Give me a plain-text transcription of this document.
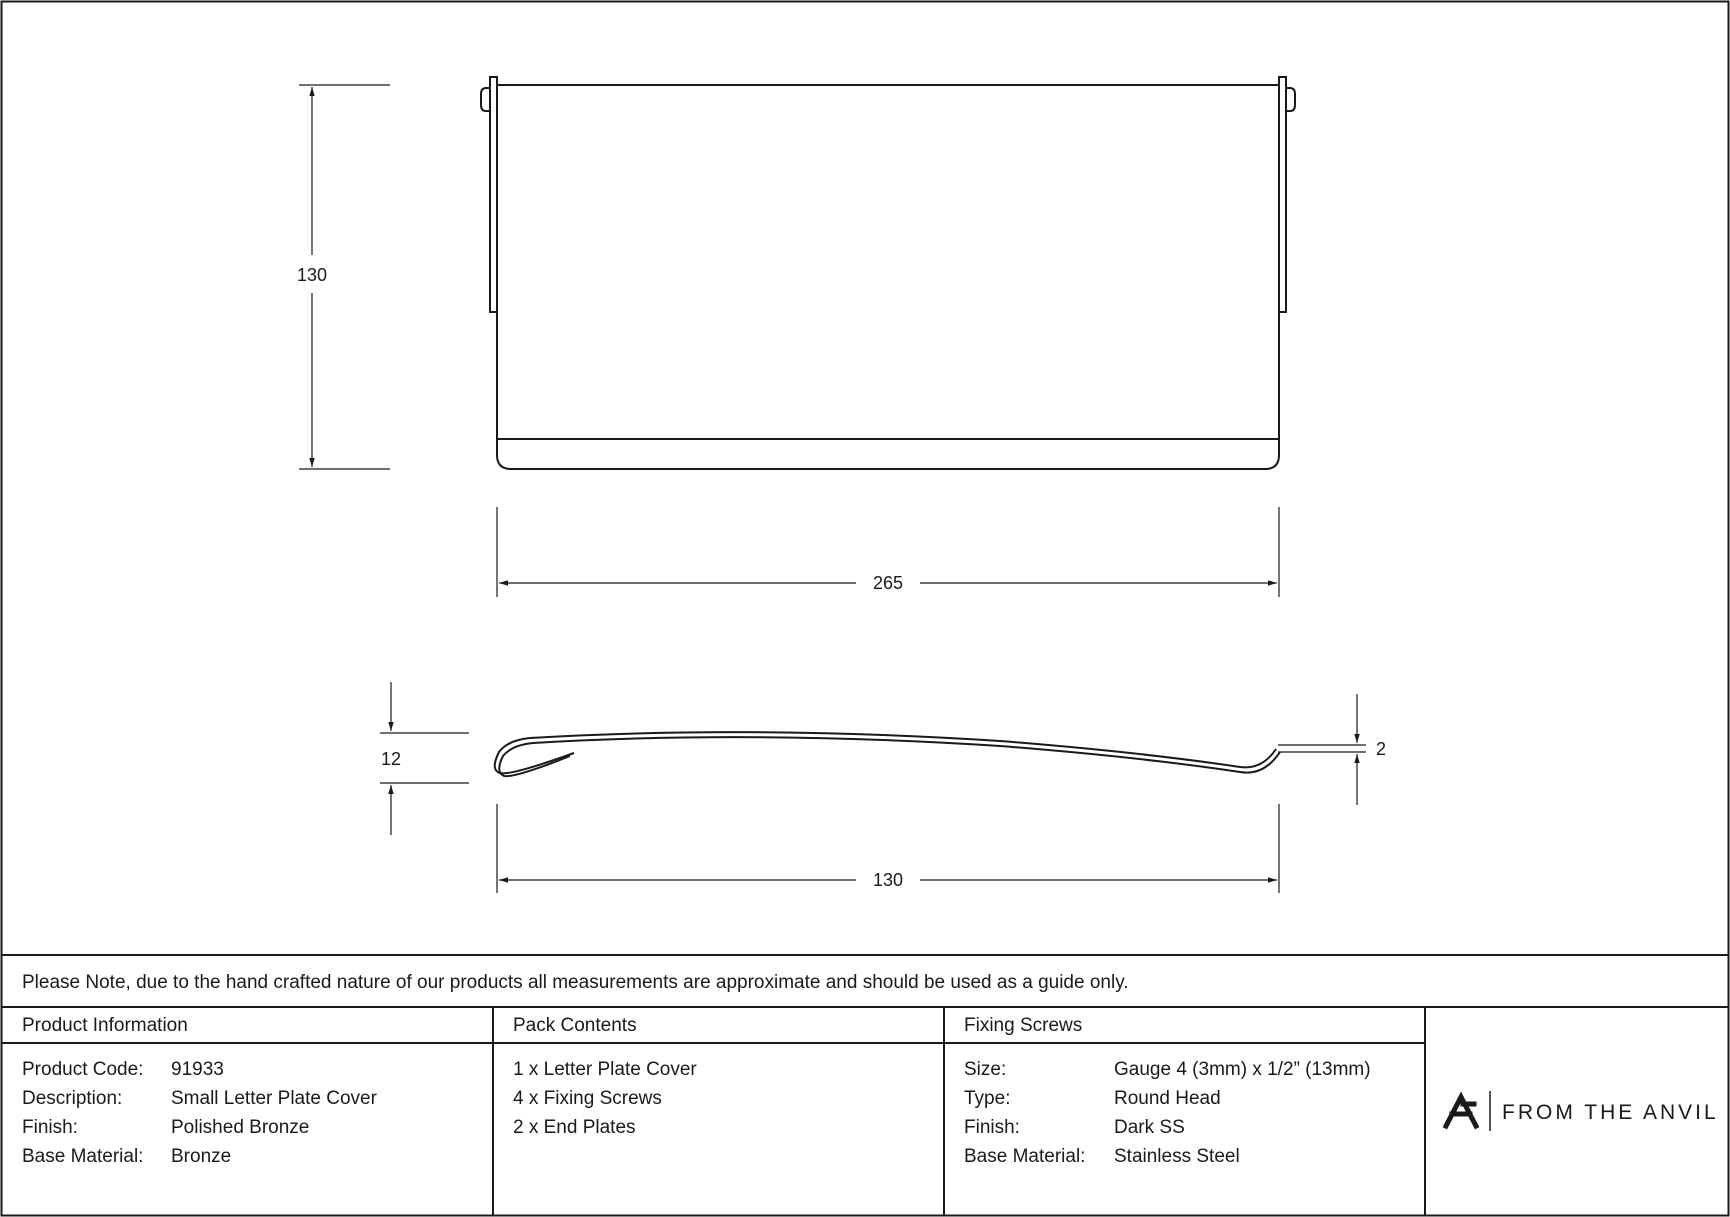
130
265
12	2
130
Please Note, due to the hand crafted nature of our products all measurements are approximate and should be used as a guide only.
Product Information
Product Code: 91933
Description:	Small Letter Plate Cover
Finish:	Polished Bronze
Base Material: Bronze
Pack Contents
1 x Letter Plate Cover
4 x Fixing Screws
2 x End Plates
Fixing Screws
Size:	Gauge 4 (3mm) x 1/2” (13mm)
Type:	Round Head
Finish:	Dark SS
Base Material: Stainless Steel
FROM THE ANVIL
